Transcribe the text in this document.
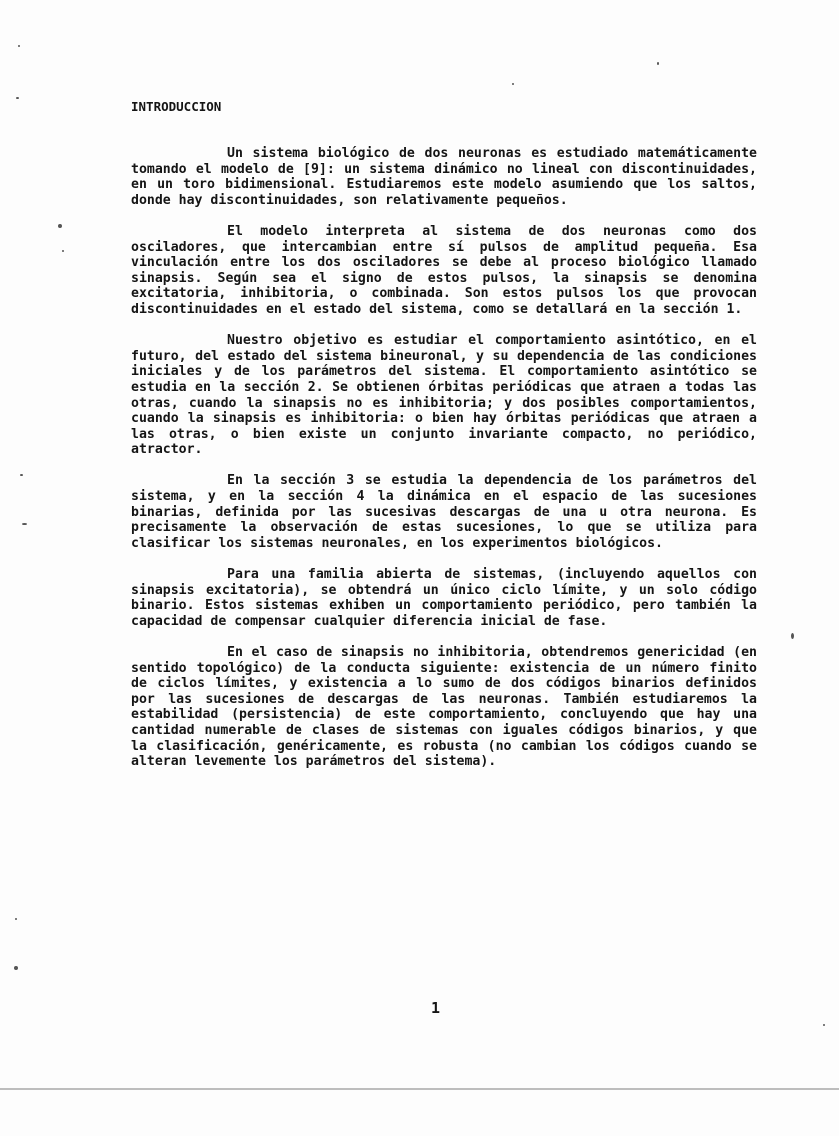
INTRODUCCION

Un sistema biológico de dos neuronas es estudiado matemáticamente tomando el modelo de [9]: un sistema dinámico no lineal con discontinuidades, en un toro bidimensional. Estudiaremos este modelo asumiendo que los saltos, donde hay discontinuidades, son relativamente pequeños.

El modelo interpreta al sistema de dos neuronas como dos osciladores, que intercambian entre sí pulsos de amplitud pequeña. Esa vinculación entre los dos osciladores se debe al proceso biológico llamado sinapsis. Según sea el signo de estos pulsos, la sinapsis se denomina excitatoria, inhibitoria, o combinada. Son estos pulsos los que provocan discontinuidades en el estado del sistema, como se detallará en la sección 1.

Nuestro objetivo es estudiar el comportamiento asintótico, en el futuro, del estado del sistema bineuronal, y su dependencia de las condiciones iniciales y de los parámetros del sistema. El comportamiento asintótico se estudia en la sección 2. Se obtienen órbitas periódicas que atraen a todas las otras, cuando la sinapsis no es inhibitoria; y dos posibles comportamientos, cuando la sinapsis es inhibitoria: o bien hay órbitas periódicas que atraen a las otras, o bien existe un conjunto invariante compacto, no periódico, atractor.

En la sección 3 se estudia la dependencia de los parámetros del sistema, y en la sección 4 la dinámica en el espacio de las sucesiones binarias, definida por las sucesivas descargas de una u otra neurona. Es precisamente la observación de estas sucesiones, lo que se utiliza para clasificar los sistemas neuronales, en los experimentos biológicos.

Para una familia abierta de sistemas, (incluyendo aquellos con sinapsis excitatoria), se obtendrá un único ciclo límite, y un solo código binario. Estos sistemas exhiben un comportamiento periódico, pero también la capacidad de compensar cualquier diferencia inicial de fase.

En el caso de sinapsis no inhibitoria, obtendremos genericidad (en sentido topológico) de la conducta siguiente: existencia de un número finito de ciclos límites, y existencia a lo sumo de dos códigos binarios definidos por las sucesiones de descargas de las neuronas. También estudiaremos la estabilidad (persistencia) de este comportamiento, concluyendo que hay una cantidad numerable de clases de sistemas con iguales códigos binarios, y que la clasificación, genéricamente, es robusta (no cambian los códigos cuando se alteran levemente los parámetros del sistema).

1
